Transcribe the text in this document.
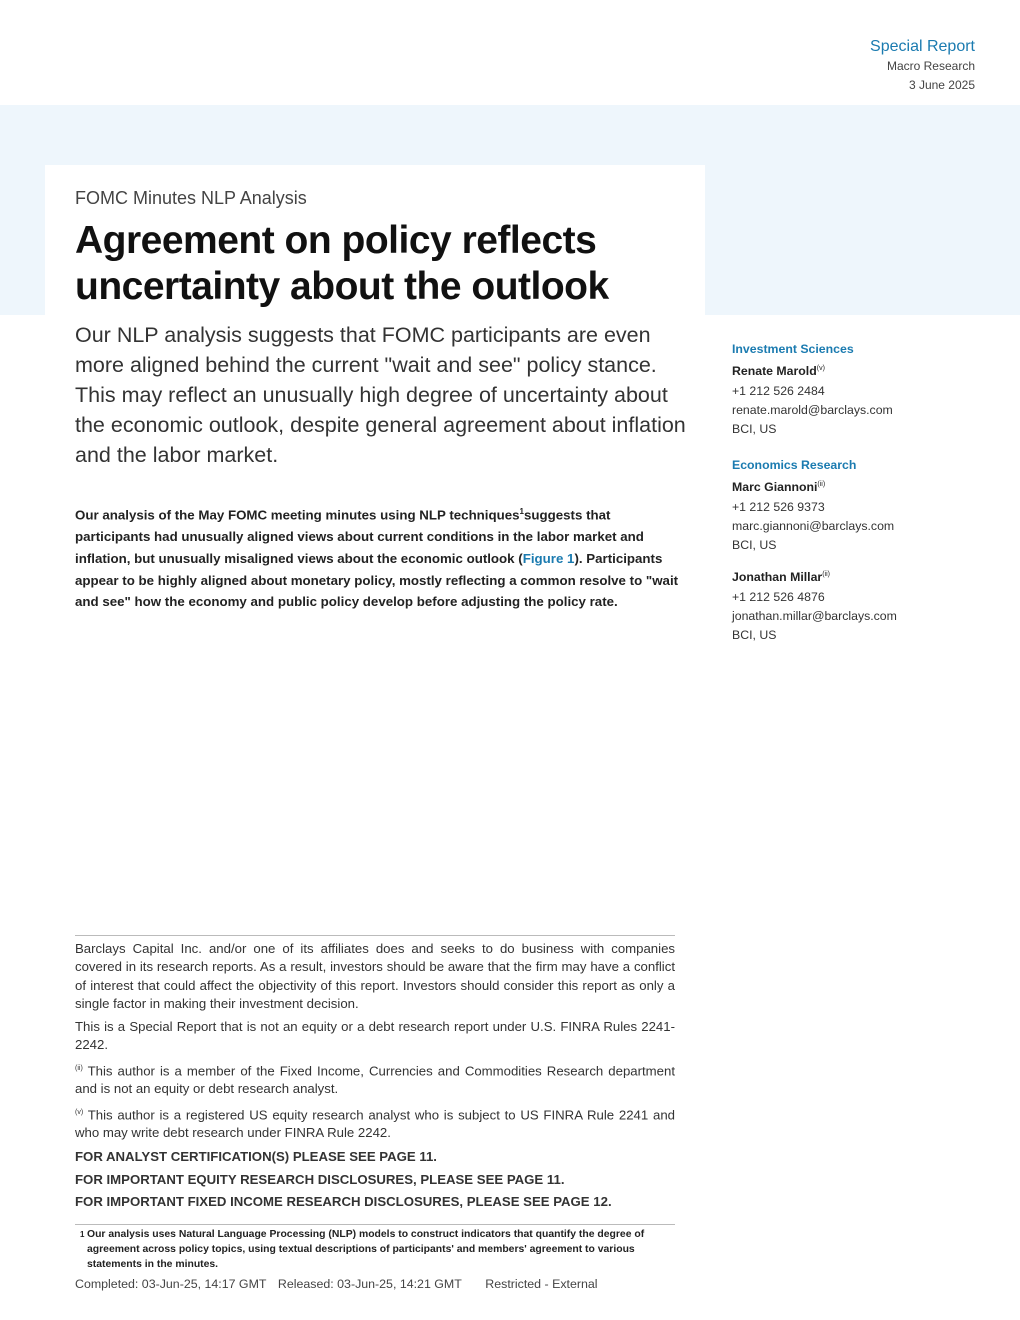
Special Report
Macro Research
3 June 2025
FOMC Minutes NLP Analysis
Agreement on policy reflects
uncertainty about the outlook
Our NLP analysis suggests that FOMC participants are even more aligned behind the current "wait and see" policy stance. This may reflect an unusually high degree of uncertainty about the economic outlook, despite general agreement about inflation and the labor market.
Our analysis of the May FOMC meeting minutes using NLP techniques$^1$suggests that participants had unusually aligned views about current conditions in the labor market and inflation, but unusually misaligned views about the economic outlook (Figure 1). Participants appear to be highly aligned about monetary policy, mostly reflecting a common resolve to "wait and see" how the economy and public policy develop before adjusting the policy rate.
Investment Sciences
Renate Marold$^{(v)}$
+1 212 526 2484
renate.marold@barclays.com
BCI, US
Economics Research
Marc Giannoni$^{(ii)}$
+1 212 526 9373
marc.giannoni@barclays.com
BCI, US
Jonathan Millar$^{(ii)}$
+1 212 526 4876
jonathan.millar@barclays.com
BCI, US

Barclays Capital Inc. and/or one of its affiliates does and seeks to do business with companies covered in its research reports. As a result, investors should be aware that the firm may have a conflict of interest that could affect the objectivity of this report. Investors should consider this report as only a single factor in making their investment decision.

This is a Special Report that is not an equity or a debt research report under U.S. FINRA Rules 2241-2242.

$^{(ii)}$ This author is a member of the Fixed Income, Currencies and Commodities Research department and is not an equity or debt research analyst.

$^{(v)}$ This author is a registered US equity research analyst who is subject to US FINRA Rule 2241 and who may write debt research under FINRA Rule 2242.

FOR ANALYST CERTIFICATION(S) PLEASE SEE PAGE 11.

FOR IMPORTANT EQUITY RESEARCH DISCLOSURES, PLEASE SEE PAGE 11.

FOR IMPORTANT FIXED INCOME RESEARCH DISCLOSURES, PLEASE SEE PAGE 12.

1 Our analysis uses Natural Language Processing (NLP) models to construct indicators that quantify the degree of agreement across policy topics, using textual descriptions of participants' and members' agreement to various statements in the minutes.
Completed: 03-Jun-25, 14:17 GMT Released: 03-Jun-25, 14:21 GMT Restricted - External
